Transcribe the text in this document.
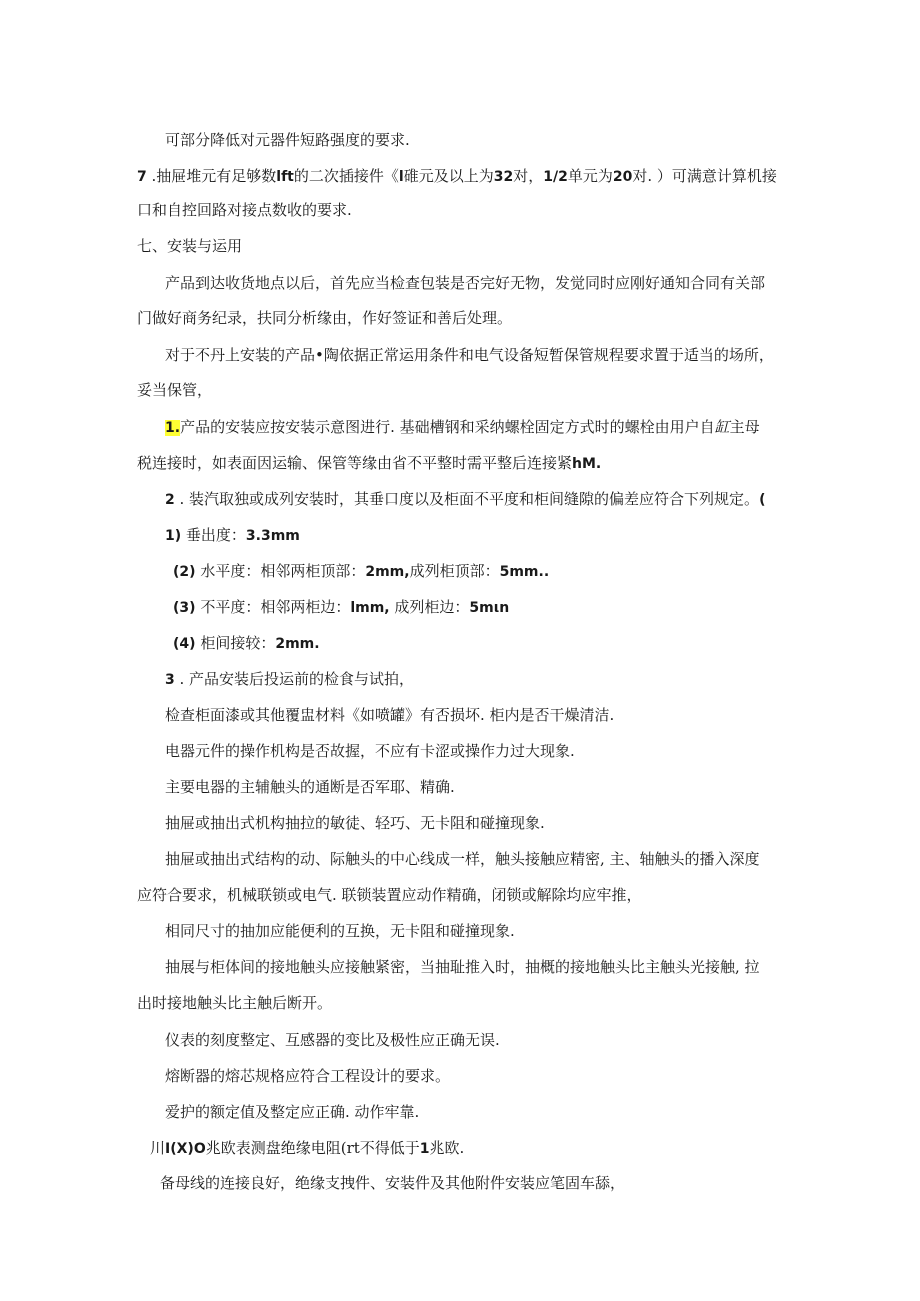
可部分降低对元器件短路强度的要求.
7 .抽屉堆元有足够数lft的二次插接件《l碓元及以上为32对，1/2单元为20对. ）可满意计算机接
口和自控回路对接点数收的要求.
七、安装与运用
产品到达收货地点以后，首先应当检查包装是否完好无物，发觉同时应刚好通知合同有关部
门做好商务纪录，扶同分析缘由，作好签证和善后处理。
对于不丹上安装的产品•陶依据正常运用条件和电气设备短暂保管规程要求置于适当的场所，
妥当保管，
1.产品的安装应按安装示意图进行. 基础槽钢和采纳螺栓固定方式时的螺栓由用户自缸主母
税连接时，如表面因运输、保管等缘由省不平整时需平整后连接紧hM.
2 . 装汽取独或成列安装时，其垂口度以及柜面不平度和柜间缝隙的偏差应符合下列规定。(
1) 垂出度：3.3mm
(2) 水平度：相邻两柜顶部：2mm,成列柜顶部：5mm..
(3) 不平度：相邻两柜边：lmm, 成列柜边：5mιn
(4) 柜间接较：2mm.
3 . 产品安装后投运前的检食与试拍，
检查柜面漆或其他覆盅材料《如喷罐》有否损坏. 柜内是否干燥清洁.
电器元件的操作机构是否故握，不应有卡涩或操作力过大现象.
主要电器的主辅触头的通断是否军耶、精确.
抽屉或抽出式机构抽拉的敏徒、轻巧、无卡阻和碰撞现象.
抽屉或抽出式结构的动、际触头的中心线成一样，触头接触应精密, 主、轴触头的播入深度
应符合要求，机械联锁或电气. 联锁装置应动作精确，闭锁或解除均应牢推，
相同尺寸的抽加应能便利的互换，无卡阻和碰撞现象.
抽展与柜体间的接地触头应接触紧密，当抽耻推入时，抽概的接地触头比主触头光接触, 拉
出时接地触头比主触后断开。
仪表的刻度整定、互感器的变比及极性应正确无误.
熔断器的熔芯规格应符合工程设计的要求。
爱护的额定值及整定应正确. 动作牢靠.
川I(X)O兆欧表测盘绝缘电阻(rt不得低于1兆欧.
备母线的连接良好，绝缘支拽件、安装件及其他附件安装应笔固车舔，
